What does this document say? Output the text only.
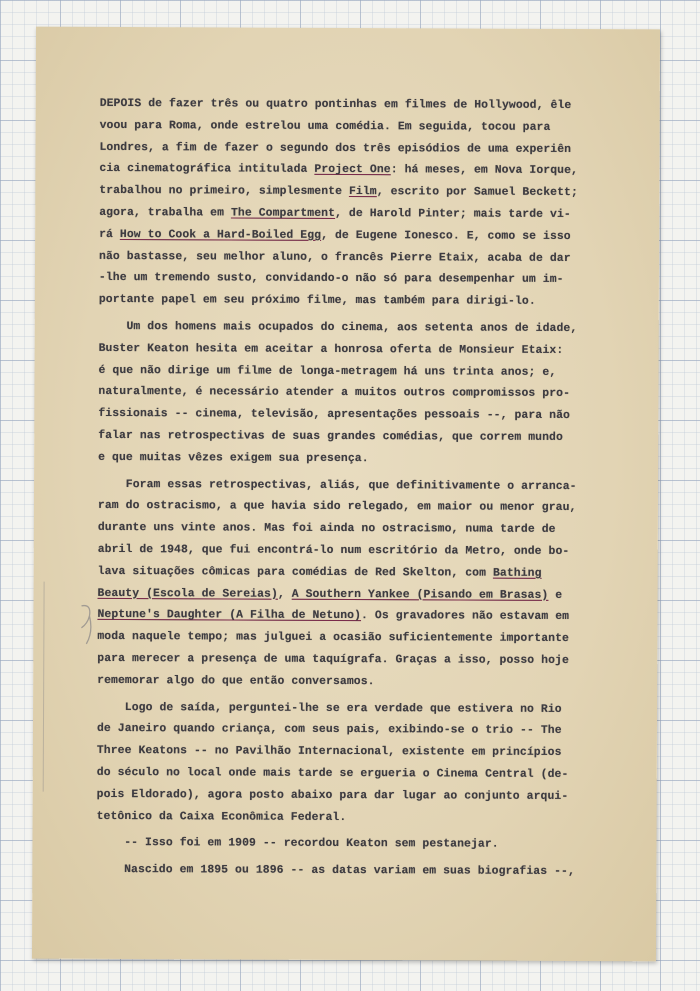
DEPOIS de fazer três ou quatro pontinhas em filmes de Hollywood, êle
voou para Roma, onde estrelou uma comédia. Em seguida, tocou para
Londres, a fim de fazer o segundo dos três episódios de uma experiên
cia cinematográfica intitulada Project One: há meses, em Nova Iorque,
trabalhou no primeiro, simplesmente Film, escrito por Samuel Beckett;
agora, trabalha em The Compartment, de Harold Pinter; mais tarde vi-
rá How to Cook a Hard-Boiled Egg, de Eugene Ionesco. E, como se isso
não bastasse, seu melhor aluno, o francês Pierre Etaix, acaba de dar
-lhe um tremendo susto, convidando-o não só para desempenhar um im-
portante papel em seu próximo filme, mas também para dirigi-lo.
Um dos homens mais ocupados do cinema, aos setenta anos de idade,
Buster Keaton hesita em aceitar a honrosa oferta de Monsieur Etaix:
é que não dirige um filme de longa-metragem há uns trinta anos; e,
naturalmente, é necessário atender a muitos outros compromissos pro-
fissionais -- cinema, televisão, apresentações pessoais --, para não
falar nas retrospectivas de suas grandes comédias, que correm mundo
e que muitas vêzes exigem sua presença.
Foram essas retrospectivas, aliás, que definitivamente o arranca-
ram do ostracismo, a que havia sido relegado, em maior ou menor grau,
durante uns vinte anos. Mas foi ainda no ostracismo, numa tarde de
abril de 1948, que fui encontrá-lo num escritório da Metro, onde bo-
lava situações cômicas para comédias de Red Skelton, com Bathing
Beauty (Escola de Sereias), A Southern Yankee (Pisando em Brasas) e
Neptune's Daughter (A Filha de Netuno). Os gravadores não estavam em
moda naquele tempo; mas julguei a ocasião suficientemente importante
para merecer a presença de uma taquígrafa. Graças a isso, posso hoje
rememorar algo do que então conversamos.
Logo de saída, perguntei-lhe se era verdade que estivera no Rio
de Janeiro quando criança, com seus pais, exibindo-se o trio -- The
Three Keatons -- no Pavilhão Internacional, existente em princípios
do século no local onde mais tarde se ergueria o Cinema Central (de-
pois Eldorado), agora posto abaixo para dar lugar ao conjunto arqui-
tetônico da Caixa Econômica Federal.
-- Isso foi em 1909 -- recordou Keaton sem pestanejar.
Nascido em 1895 ou 1896 -- as datas variam em suas biografias --,
